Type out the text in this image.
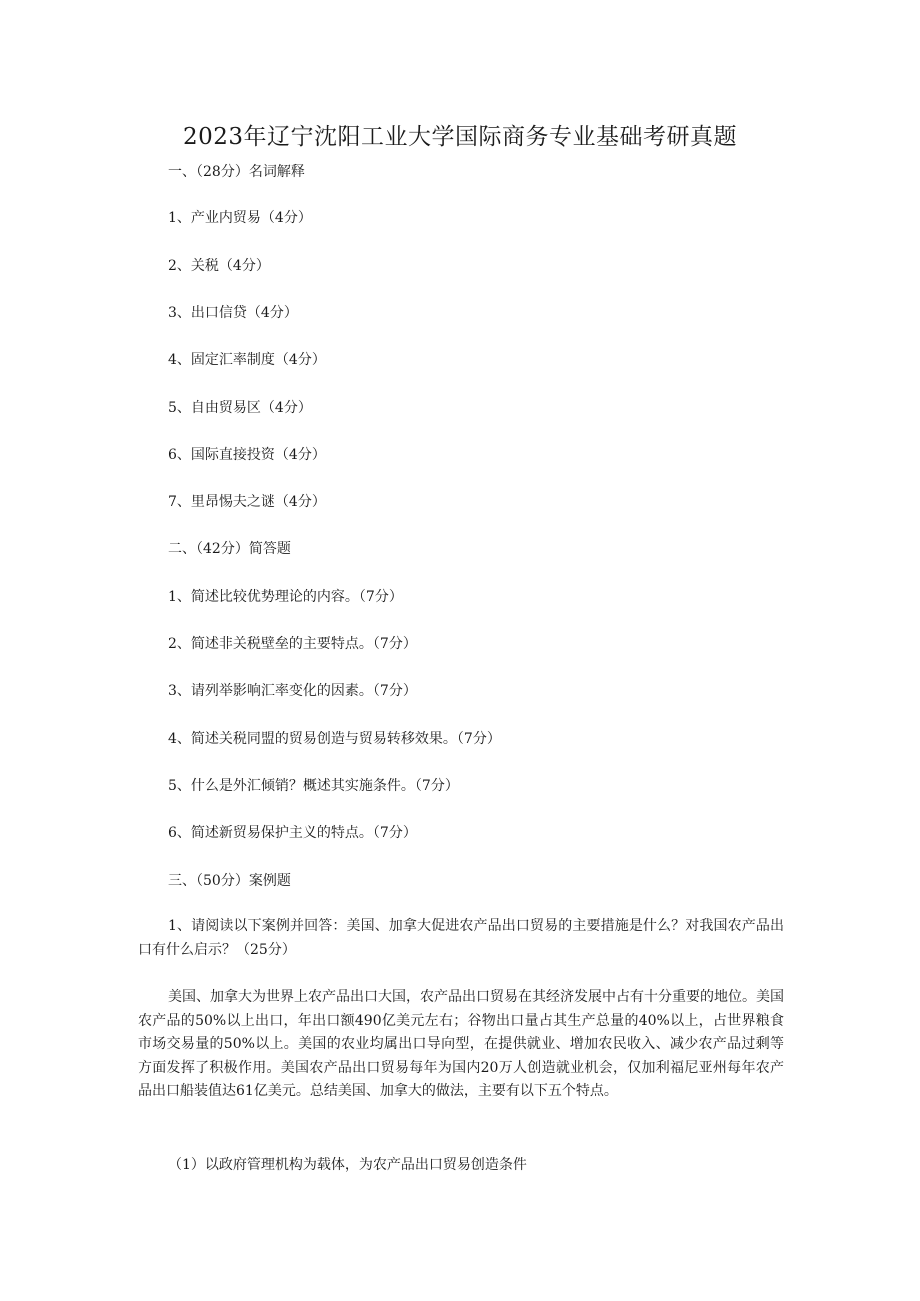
2023年辽宁沈阳工业大学国际商务专业基础考研真题

一、（28分）名词解释

1、产业内贸易（4分）

2、关税（4分）

3、出口信贷（4分）

4、固定汇率制度（4分）

5、自由贸易区（4分）

6、国际直接投资（4分）

7、里昂惕夫之谜（4分）

二、（42分）简答题

1、简述比较优势理论的内容。（7分）

2、简述非关税壁垒的主要特点。（7分）

3、请列举影响汇率变化的因素。（7分）

4、简述关税同盟的贸易创造与贸易转移效果。（7分）

5、什么是外汇倾销？概述其实施条件。（7分）

6、简述新贸易保护主义的特点。（7分）

三、（50分）案例题

1、请阅读以下案例并回答：美国、加拿大促进农产品出口贸易的主要措施是什么？对我国农产品出口有什么启示？（25分）

美国、加拿大为世界上农产品出口大国，农产品出口贸易在其经济发展中占有十分重要的地位。美国农产品的50%以上出口，年出口额490亿美元左右；谷物出口量占其生产总量的40%以上，占世界粮食市场交易量的50%以上。美国的农业均属出口导向型，在提供就业、增加农民收入、减少农产品过剩等方面发挥了积极作用。美国农产品出口贸易每年为国内20万人创造就业机会，仅加利福尼亚州每年农产品出口船装值达61亿美元。总结美国、加拿大的做法，主要有以下五个特点。

（1）以政府管理机构为载体，为农产品出口贸易创造条件
